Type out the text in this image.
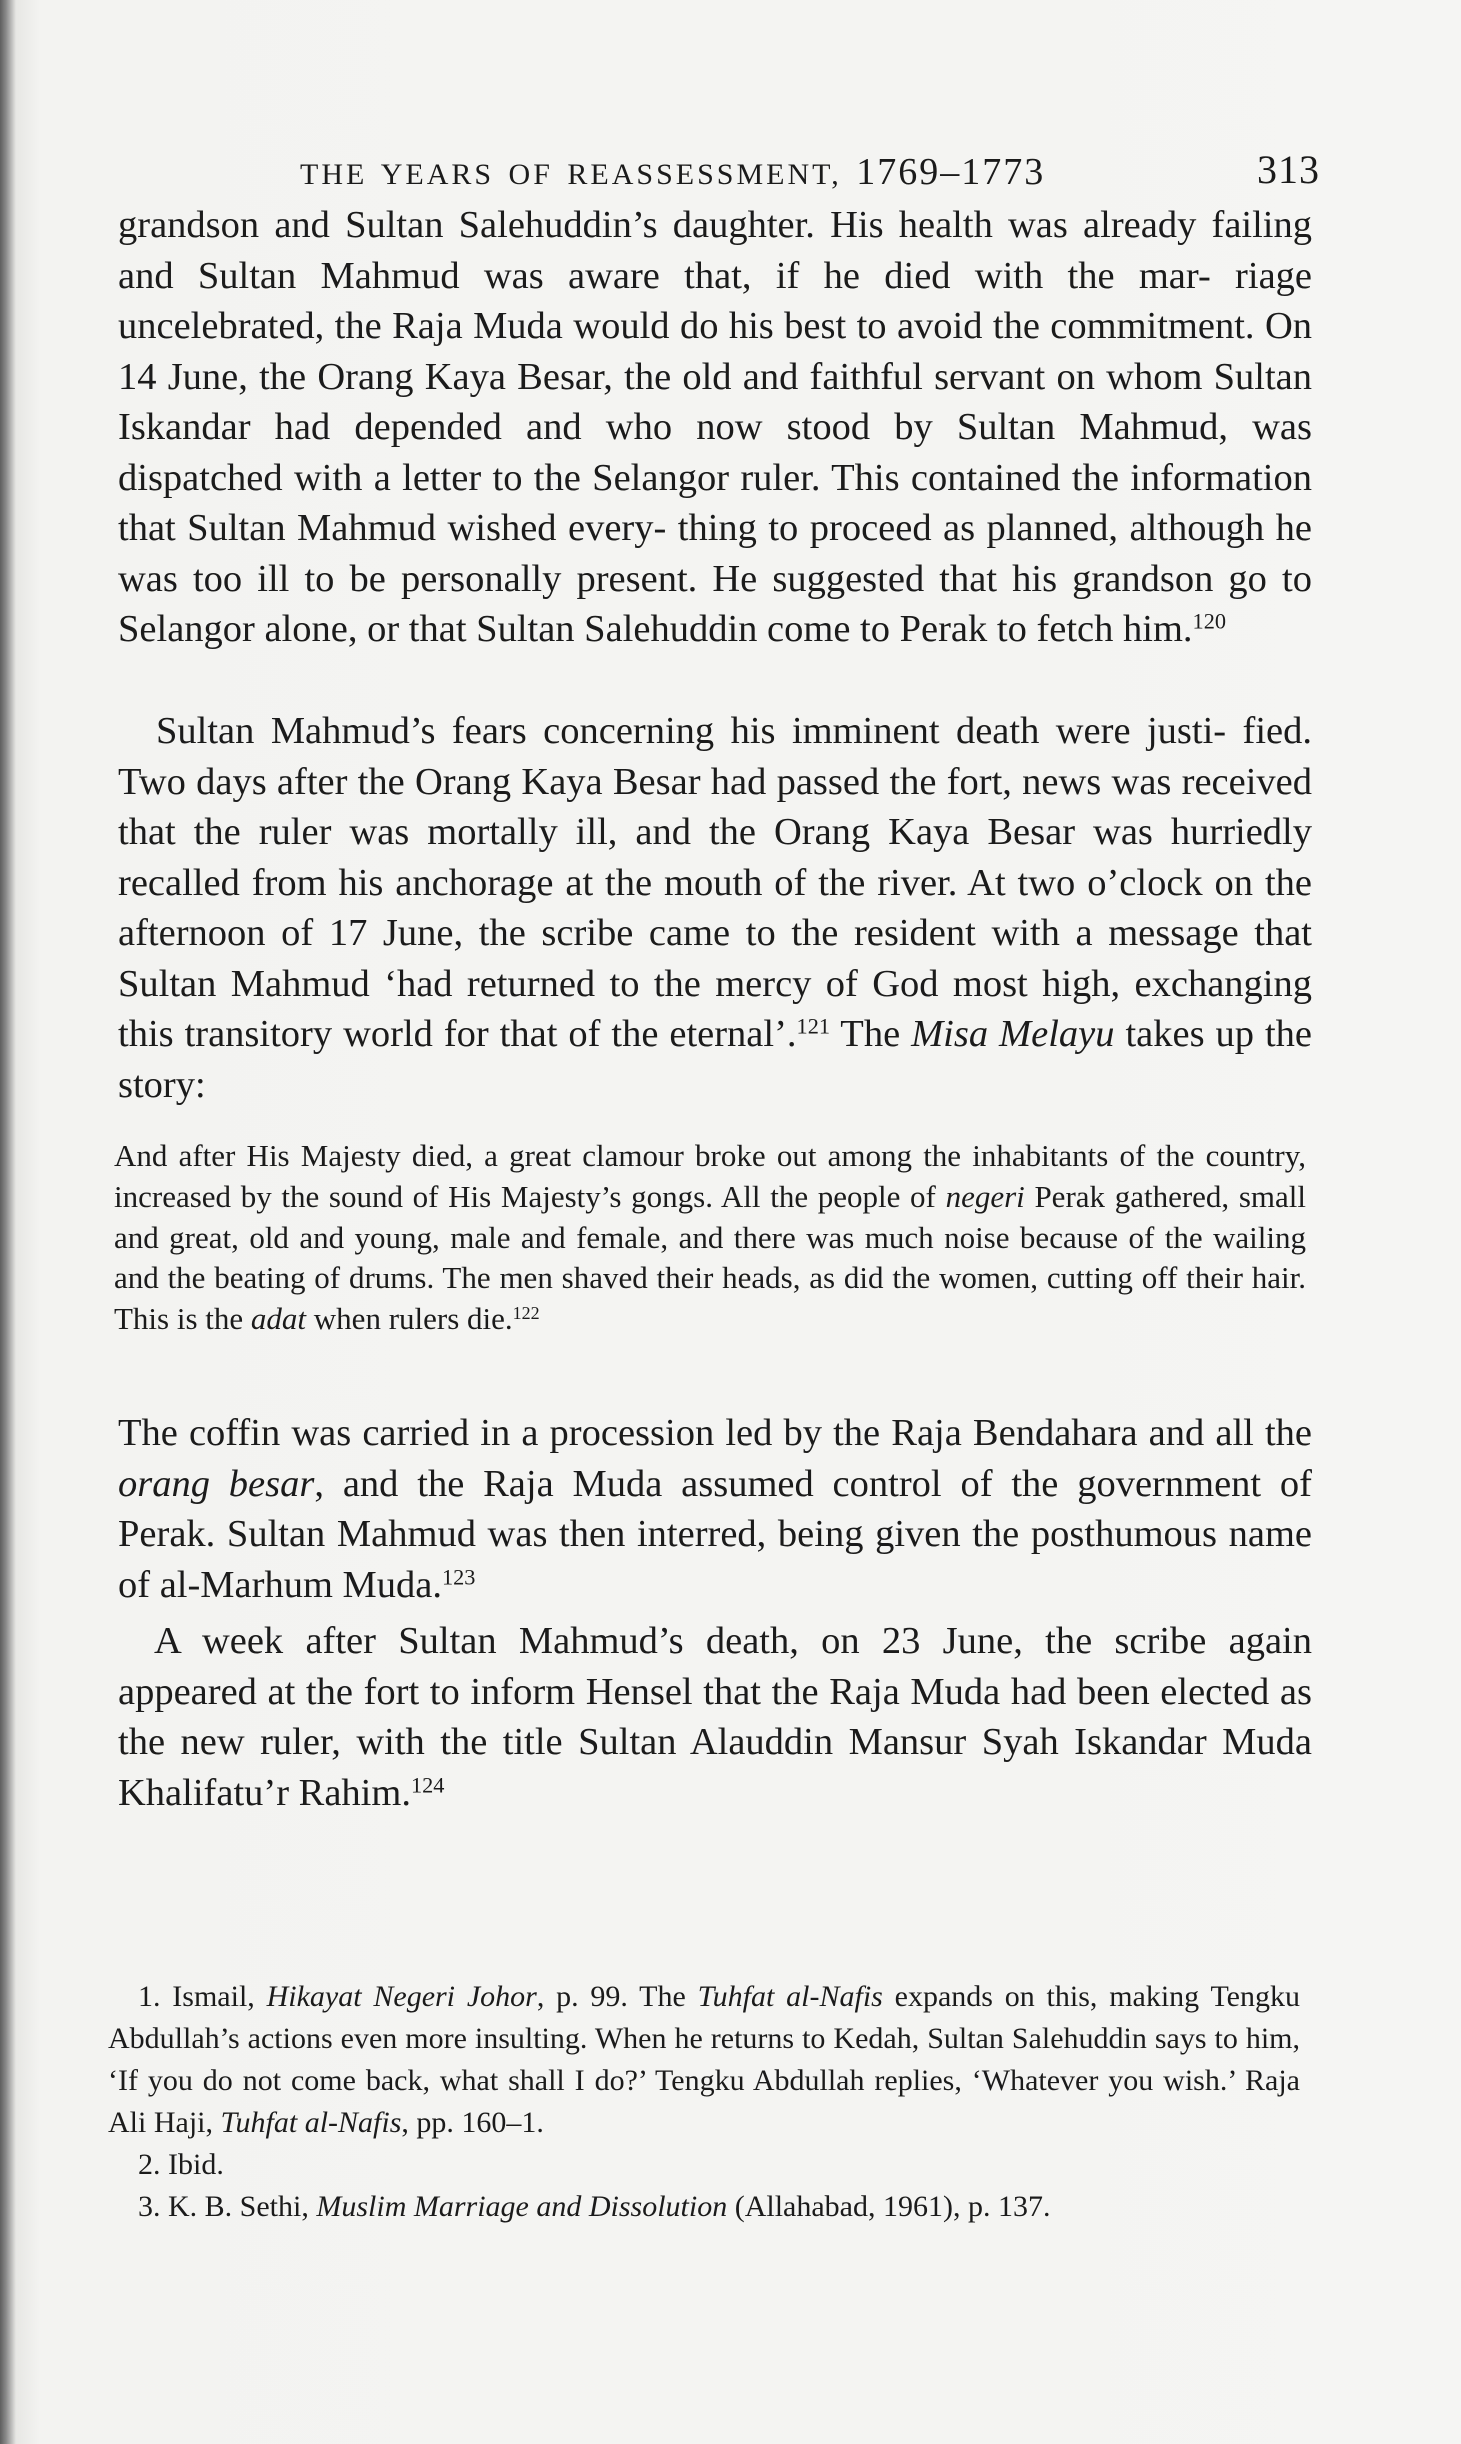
THE YEARS OF REASSESSMENT, 1769–1773	313
grandson and Sultan Salehuddin’s daughter. His health was already failing and Sultan Mahmud was aware that, if he died with the mar- riage uncelebrated, the Raja Muda would do his best to avoid the commitment. On 14 June, the Orang Kaya Besar, the old and faithful servant on whom Sultan Iskandar had depended and who now stood by Sultan Mahmud, was dispatched with a letter to the Selangor ruler. This contained the information that Sultan Mahmud wished every- thing to proceed as planned, although he was too ill to be personally present. He suggested that his grandson go to Selangor alone, or that Sultan Salehuddin come to Perak to fetch him.$^{120}$
Sultan Mahmud’s fears concerning his imminent death were justi- fied. Two days after the Orang Kaya Besar had passed the fort, news was received that the ruler was mortally ill, and the Orang Kaya Besar was hurriedly recalled from his anchorage at the mouth of the river. At two o’clock on the afternoon of 17 June, the scribe came to the resident with a message that Sultan Mahmud ‘had returned to the mercy of God most high, exchanging this transitory world for that of the eternal’.$^{121}$ The Misa Melayu takes up the story:
And after His Majesty died, a great clamour broke out among the inhabitants of the country, increased by the sound of His Majesty’s gongs. All the people of negeri Perak gathered, small and great, old and young, male and female, and there was much noise because of the wailing and the beating of drums. The men shaved their heads, as did the women, cutting off their hair. This is the adat when rulers die.$^{122}$
The coffin was carried in a procession led by the Raja Bendahara and all the orang besar, and the Raja Muda assumed control of the government of Perak. Sultan Mahmud was then interred, being given the posthumous name of al-Marhum Muda.$^{123}$
A week after Sultan Mahmud’s death, on 23 June, the scribe again appeared at the fort to inform Hensel that the Raja Muda had been elected as the new ruler, with the title Sultan Alauddin Mansur Syah Iskandar Muda Khalifatu’r Rahim.$^{124}$

1. Ismail, Hikayat Negeri Johor, p. 99. The Tuhfat al-Nafis expands on this, making Tengku Abdullah’s actions even more insulting. When he returns to Kedah, Sultan Salehuddin says to him, ‘If you do not come back, what shall I do?’ Tengku Abdullah replies, ‘Whatever you wish.’ Raja Ali Haji, Tuhfat al-Nafis, pp. 160–1.

2. Ibid.

3. K. B. Sethi, Muslim Marriage and Dissolution (Allahabad, 1961), p. 137.
